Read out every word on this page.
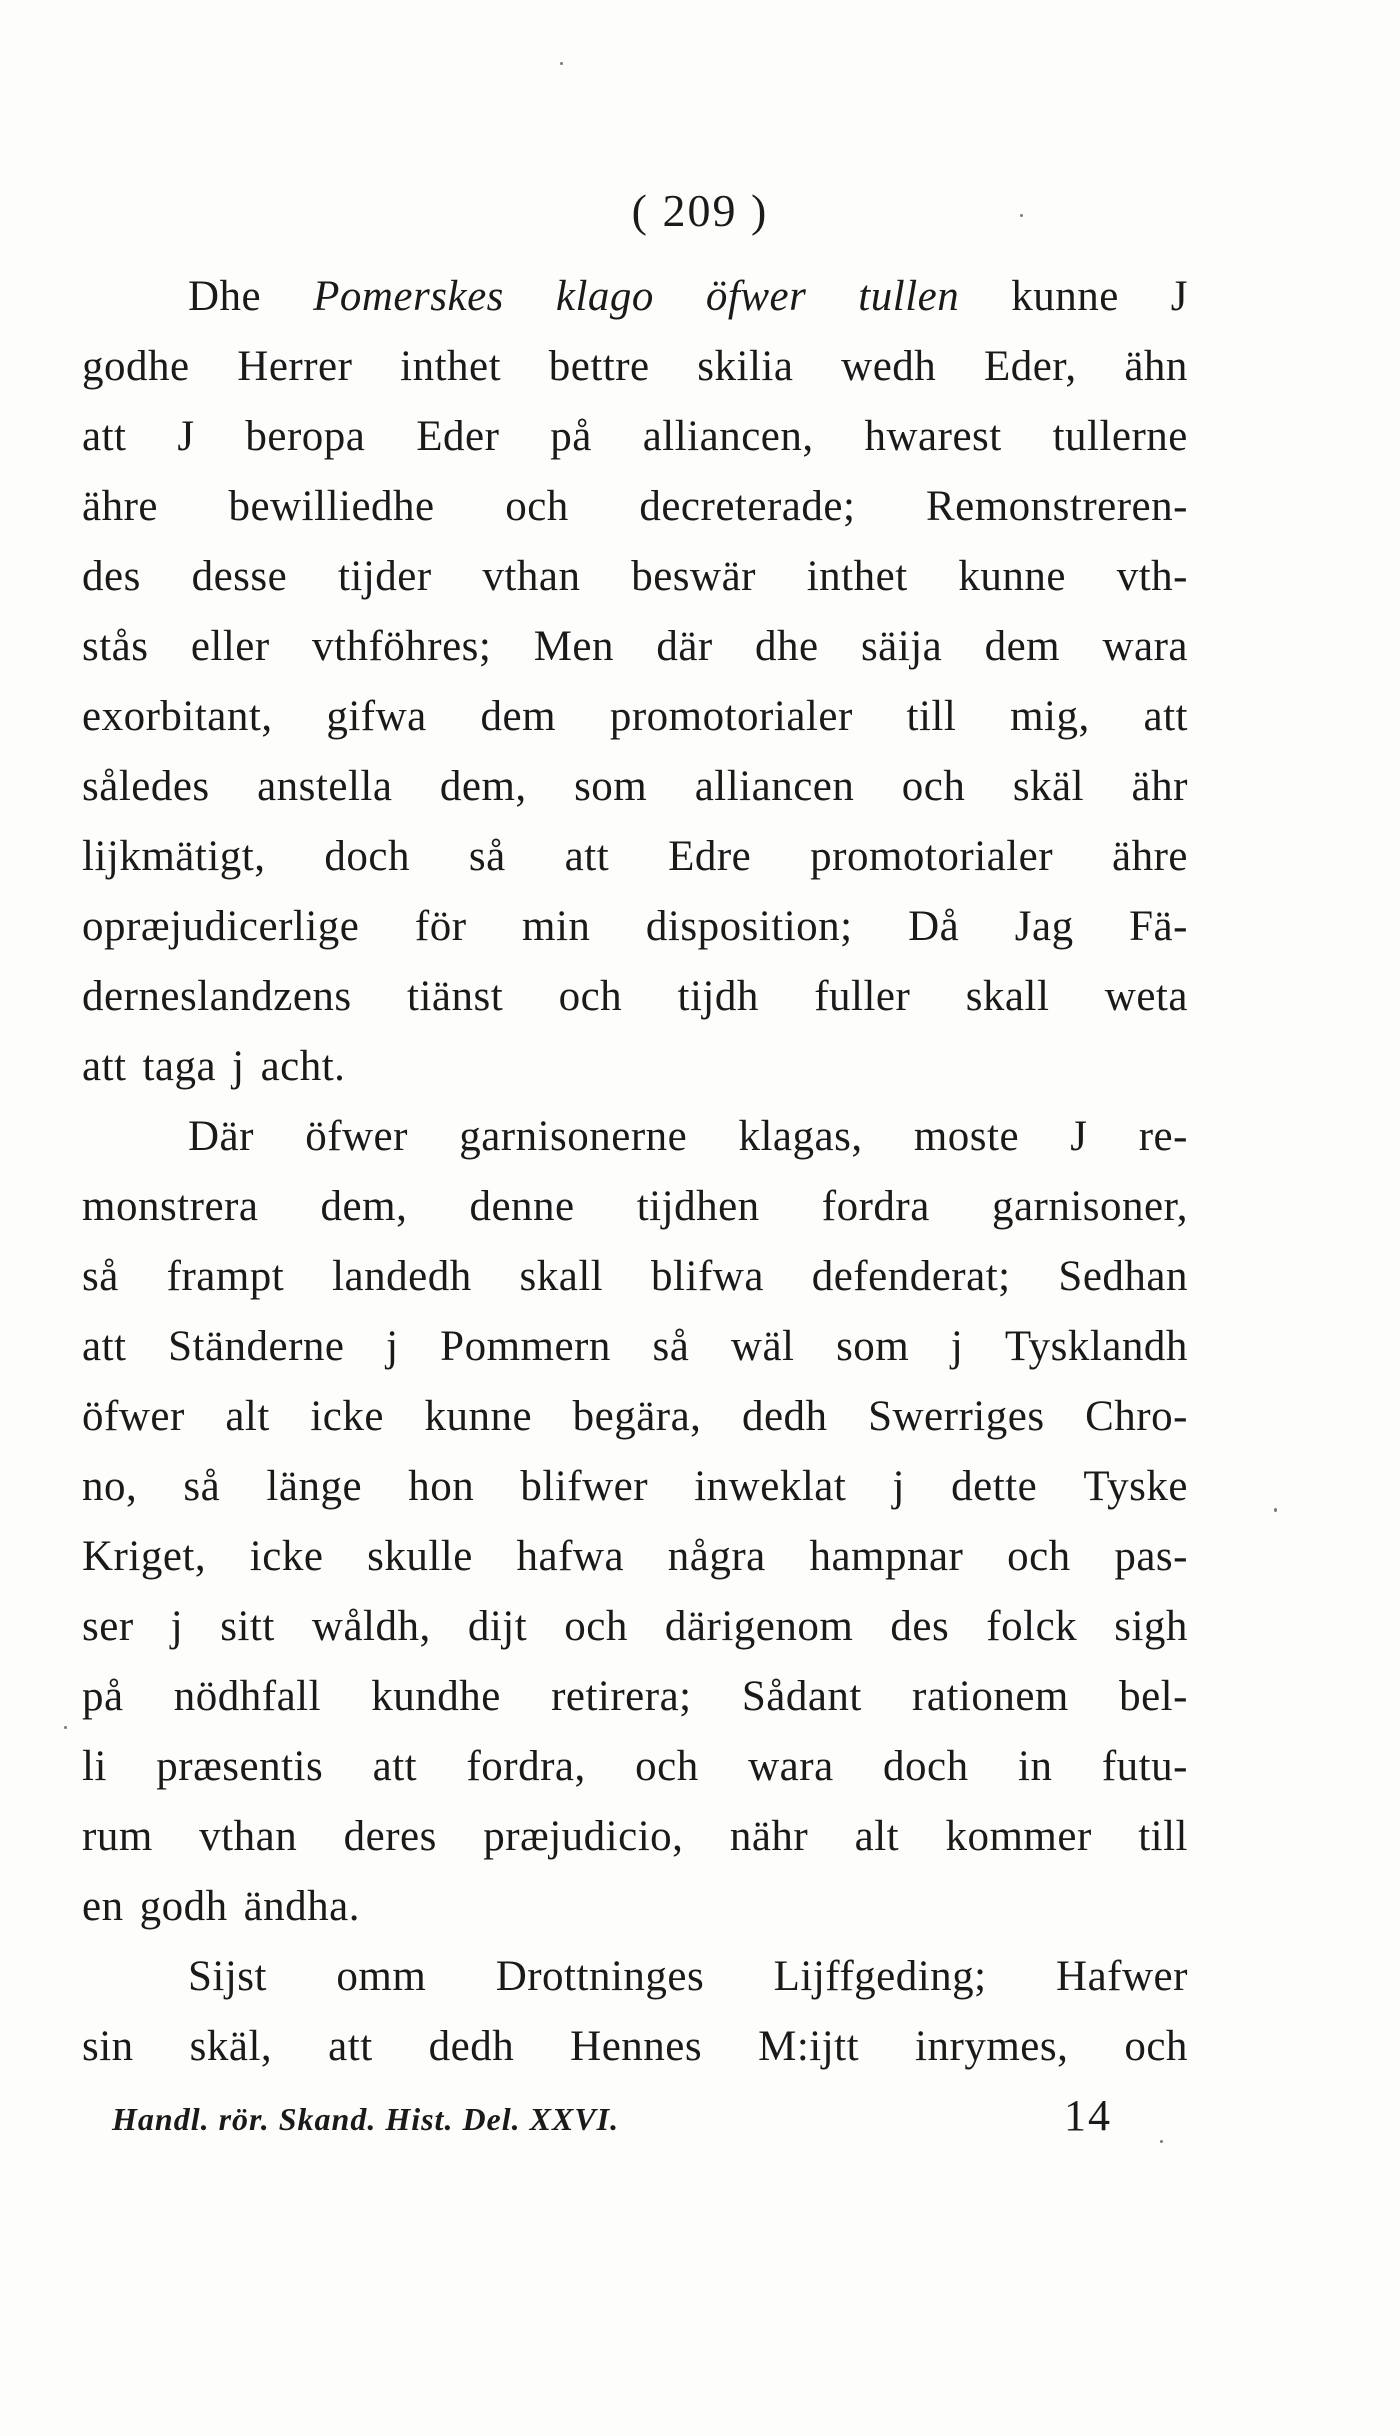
( 209 )
Dhe Pomerskes klago öfwer tullen kunne J
godhe Herrer inthet bettre skilia wedh Eder, ähn
att J beropa Eder på alliancen, hwarest tullerne
ähre bewilliedhe och decreterade; Remonstreren-
des desse tijder vthan beswär inthet kunne vth-
stås eller vthföhres; Men där dhe säija dem wara
exorbitant, gifwa dem promotorialer till mig, att
således anstella dem, som alliancen och skäl ähr
lijkmätigt, doch så att Edre promotorialer ähre
opræjudicerlige för min disposition; Då Jag Fä-
derneslandzens tiänst och tijdh fuller skall weta
att taga j acht.
Där öfwer garnisonerne klagas, moste J re-
monstrera dem, denne tijdhen fordra garnisoner,
så frampt landedh skall blifwa defenderat; Sedhan
att Ständerne j Pommern så wäl som j Tysklandh
öfwer alt icke kunne begära, dedh Swerriges Chro-
no, så länge hon blifwer inweklat j dette Tyske
Kriget, icke skulle hafwa några hampnar och pas-
ser j sitt wåldh, dijt och därigenom des folck sigh
på nödhfall kundhe retirera; Sådant rationem bel-
li præsentis att fordra, och wara doch in futu-
rum vthan deres præjudicio, nähr alt kommer till
en godh ändha.
Sijst omm Drottninges Lijffgeding; Hafwer
sin skäl, att dedh Hennes M:ijtt inrymes, och
Handl. rör. Skand. Hist. Del. XXVI.	14
